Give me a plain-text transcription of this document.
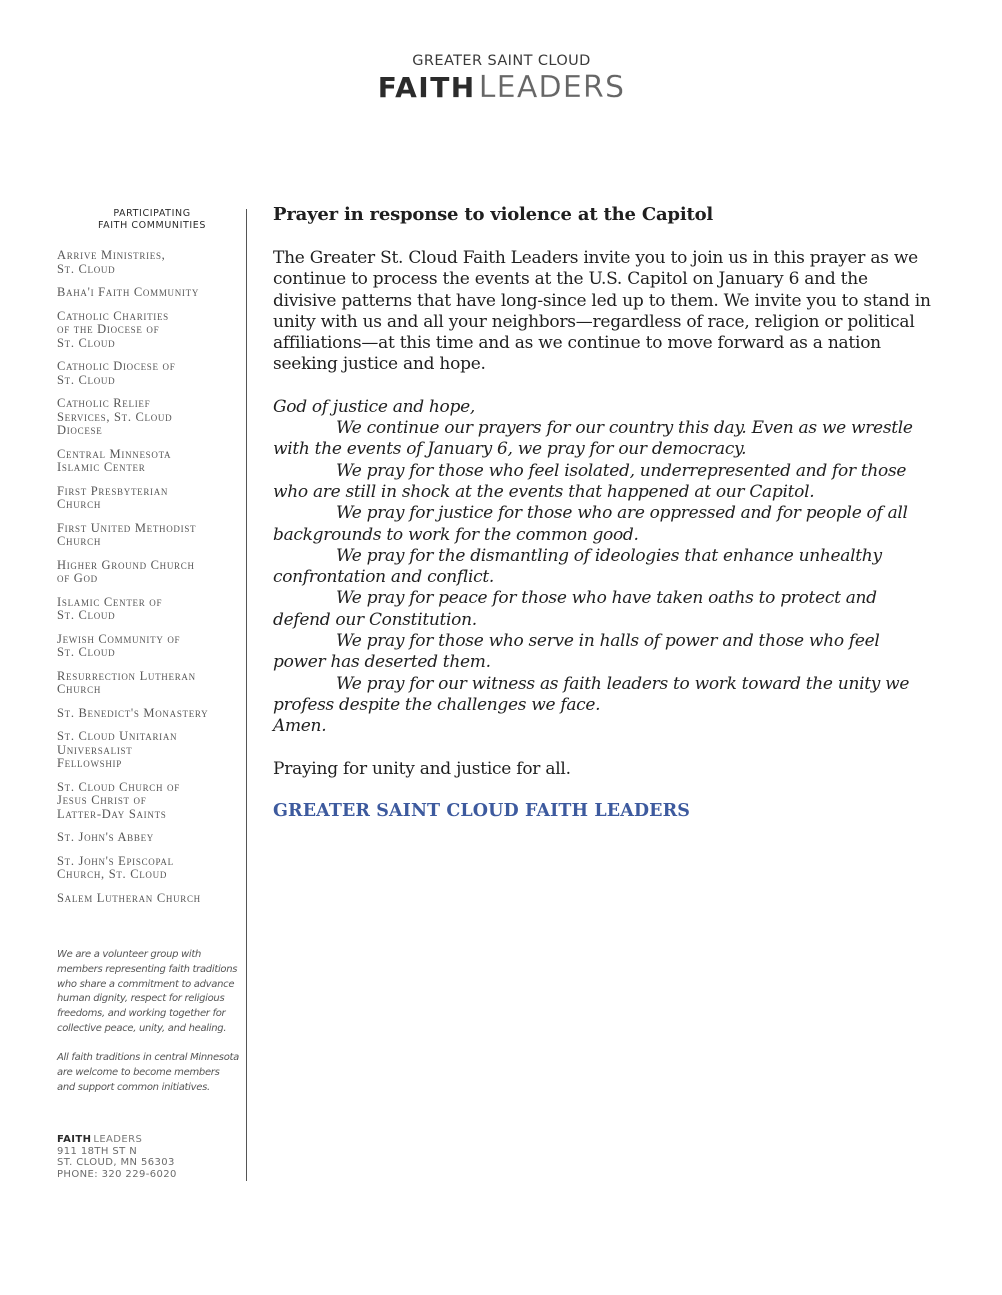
GREATER SAINT CLOUD
FAITH LEADERS
PARTICIPATING
FAITH COMMUNITIES
Arrive Ministries,
St. Cloud
Baha'i Faith Community
Catholic Charities
of the Diocese of
St. Cloud
Catholic Diocese of
St. Cloud
Catholic Relief
Services, St. Cloud
Diocese
Central Minnesota
Islamic Center
First Presbyterian
Church
First United Methodist
Church
Higher Ground Church
of God
Islamic Center of
St. Cloud
Jewish Community of
St. Cloud
Resurrection Lutheran
Church
St. Benedict's Monastery
St. Cloud Unitarian
Universalist
Fellowship
St. Cloud Church of
Jesus Christ of
Latter-Day Saints
St. John's Abbey
St. John's Episcopal
Church, St. Cloud
Salem Lutheran Church

We are a volunteer group with members representing faith traditions who share a commitment to advance human dignity, respect for religious freedoms, and working together for collective peace, unity, and healing.

All faith traditions in central Minnesota are welcome to become members and support common initiatives.

FAITH LEADERS
911 18TH ST N
ST. CLOUD, MN 56303
PHONE: 320 229-6020
Prayer in response to violence at the Capitol

The Greater St. Cloud Faith Leaders invite you to join us in this prayer as we continue to process the events at the U.S. Capitol on January 6 and the divisive patterns that have long-since led up to them. We invite you to stand in unity with us and all your neighbors—regardless of race, religion or political affiliations—at this time and as we continue to move forward as a nation seeking justice and hope.

God of justice and hope,

We continue our prayers for our country this day. Even as we wrestle with the events of January 6, we pray for our democracy.

We pray for those who feel isolated, underrepresented and for those who are still in shock at the events that happened at our Capitol.

We pray for justice for those who are oppressed and for people of all backgrounds to work for the common good.

We pray for the dismantling of ideologies that enhance unhealthy confrontation and conflict.

We pray for peace for those who have taken oaths to protect and defend our Constitution.

We pray for those who serve in halls of power and those who feel power has deserted them.

We pray for our witness as faith leaders to work toward the unity we profess despite the challenges we face.

Amen.

Praying for unity and justice for all.

GREATER SAINT CLOUD FAITH LEADERS
